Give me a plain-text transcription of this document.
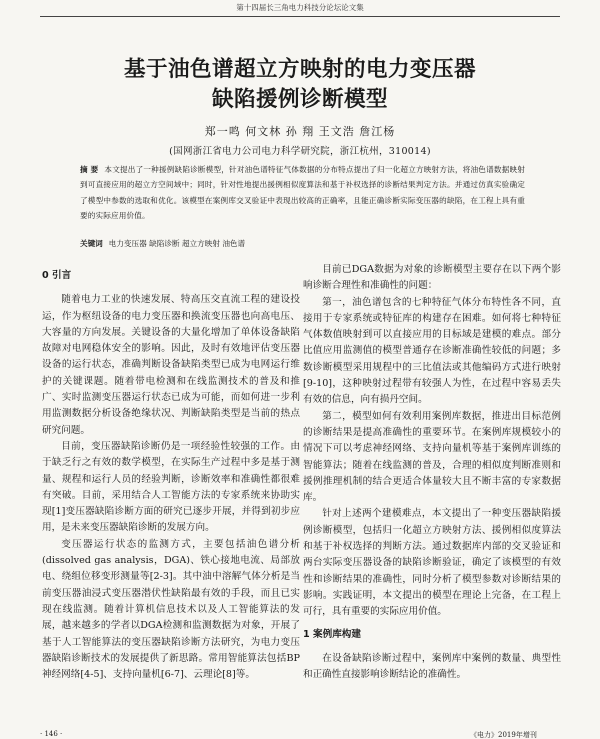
第十四届长三角电力科技分论坛论文集
基于油色谱超立方映射的电力变压器
缺陷援例诊断模型
郑一鸣 何文林 孙 翔 王文浩 詹江杨
(国网浙江省电力公司电力科学研究院，浙江杭州，310014)
摘 要 本文提出了一种援例缺陷诊断模型，针对油色谱特征气体数据的分布特点提出了归一化超立方映射方法，将油色谱数据映射到可直接应用的超立方空间域中；同时，针对性地提出援例相似度算法和基于补权选择的诊断结果判定方法。并通过仿真实验确定了模型中参数的选取和优化。该模型在案例库交叉验证中表现出较高的正确率，且能正确诊断实际变压器的缺陷，在工程上具有重要的实际应用价值。
关键词 电力变压器 缺陷诊断 超立方映射 油色谱

0 引言

随着电力工业的快速发展、特高压交直流工程的建设投运，作为枢纽设备的电力变压器和换流变压器也向高电压、大容量的方向发展。关键设备的大量化增加了单体设备缺陷故障对电网稳体安全的影响。因此，及时有效地评估变压器设备的运行状态，准确判断设备缺陷类型已成为电网运行维护的关键课题。随着带电检测和在线监测技术的普及和推广、实时监测变压器运行状态已成为可能，而如何进一步利用监测数据分析设备绝缘状况、判断缺陷类型是当前的热点研究问题。

目前，变压器缺陷诊断仍是一项经验性较强的工作。由于缺乏行之有效的数学模型，在实际生产过程中多是基于测量、规程和运行人员的经验判断，诊断效率和准确性都很难有突破。目前，采用结合人工智能方法的专家系统来协助实现[1]变压器缺陷诊断方面的研究已逐步开展，并得到初步应用，是未来变压器缺陷诊断的发展方向。

变压器运行状态的监测方式，主要包括油色谱分析(dissolved gas analysis，DGA)、铁心接地电流、局部放电、绕组位移变形测量等[2-3]。其中油中溶解气体分析是当前变压器油浸式变压器潜伏性缺陷最有效的手段，而且已实现在线监测。随着计算机信息技术以及人工智能算法的发展，越来越多的学者以DGA检测和监测数据为对象，开展了基于人工智能算法的变压器缺陷诊断方法研究，为电力变压器缺陷诊断技术的发展提供了新思路。常用智能算法包括BP神经网络[4-5]、支持向量机[6-7]、云理论[8]等。

目前已DGA数据为对象的诊断模型主要存在以下两个影响诊断合理性和准确性的问题：

第一，油色谱包含的七种特征气体分布特性各不同，直接用于专家系统或特征库的构建存在困难。如何将七种特征气体数值映射到可以直接应用的目标域是建模的难点。部分比值应用监测值的模型普通存在诊断准确性较低的问题；多数诊断模型采用规程中的三比值法或其他编码方式进行映射[9-10]，这种映射过程带有较强人为性，在过程中容易丢失有效的信息，向有损丹空间。

第二，模型如何有效利用案例库数据，推进出目标范例的诊断结果是提高准确性的重要环节。在案例库规模较小的情况下可以考虑神经网络、支持向量机等基于案例库训练的智能算法；随着在线监测的普及，合理的相似度判断准则和援例推理机制的结合更适合体量较大且不断丰富的专家数据库。

针对上述两个建模难点，本文提出了一种变压器缺陷援例诊断模型，包括归一化超立方映射方法、援例相似度算法和基于补权选择的判断方法。通过数据库内部的交叉验证和两台实际变压器设备的缺陷诊断验证，确定了该模型的有效性和诊断结果的准确性，同时分析了模型参数对诊断结果的影响。实践证明，本文提出的模型在理论上完备，在工程上可行，具有重要的实际应用价值。

1 案例库构建

在设备缺陷诊断过程中，案例库中案例的数量、典型性和正确性直接影响诊断结论的准确性。

· 146 ·	《电力》2019年增刊
